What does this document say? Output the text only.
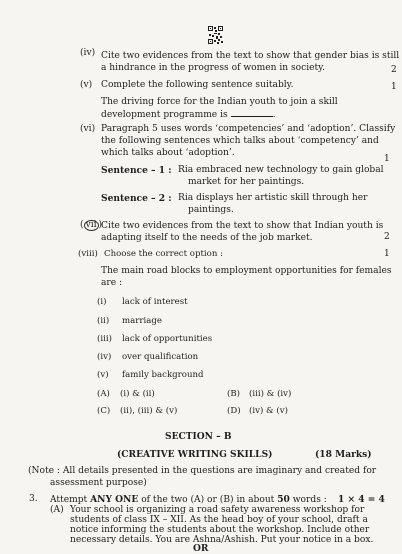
(iv) Cite two evidences from the text to show that gender bias is still
a hindrance in the progress of women in society.	2
(v) Complete the following sentence suitably.	1
The driving force for the Indian youth to join a skill
development programme is	.
(vi) Paragraph 5 uses words ‘competencies’ and ‘adoption’. Classify
the following sentences which talks about ‘competency’ and
which talks about ‘adoption’.
1
Sentence – 1 : Ria embraced new technology to gain global
market for her paintings.
Sentence – 2 : Ria displays her artistic skill through her
paintings.
( vii )
Cite two evidences from the text to show that Indian youth is
adapting itself to the needs of the job market.	2
(viii) Choose the correct option :	1
The main road blocks to employment opportunities for females
are :
(i) lack of interest
(ii) marriage
(iii) lack of opportunities
(iv) over qualification
(v) family background
(A) (i) & (ii)	(B) (iii) & (iv)
(C) (ii), (iii) & (v)	(D) (iv) & (v)
SECTION – B
(CREATIVE WRITING SKILLS)	(18 Marks)
(Note : All details presented in the questions are imaginary and created for
assessment purpose)
3. Attempt ANY ONE of the two (A) or (B) in about 50 words : 1 × 4 = 4
(A) Your school is organizing a road safety awareness workshop for
students of class IX – XII. As the head boy of your school, draft a
notice informing the students about the workshop. Include other
necessary details. You are Ashna/Ashish. Put your notice in a box.
OR
